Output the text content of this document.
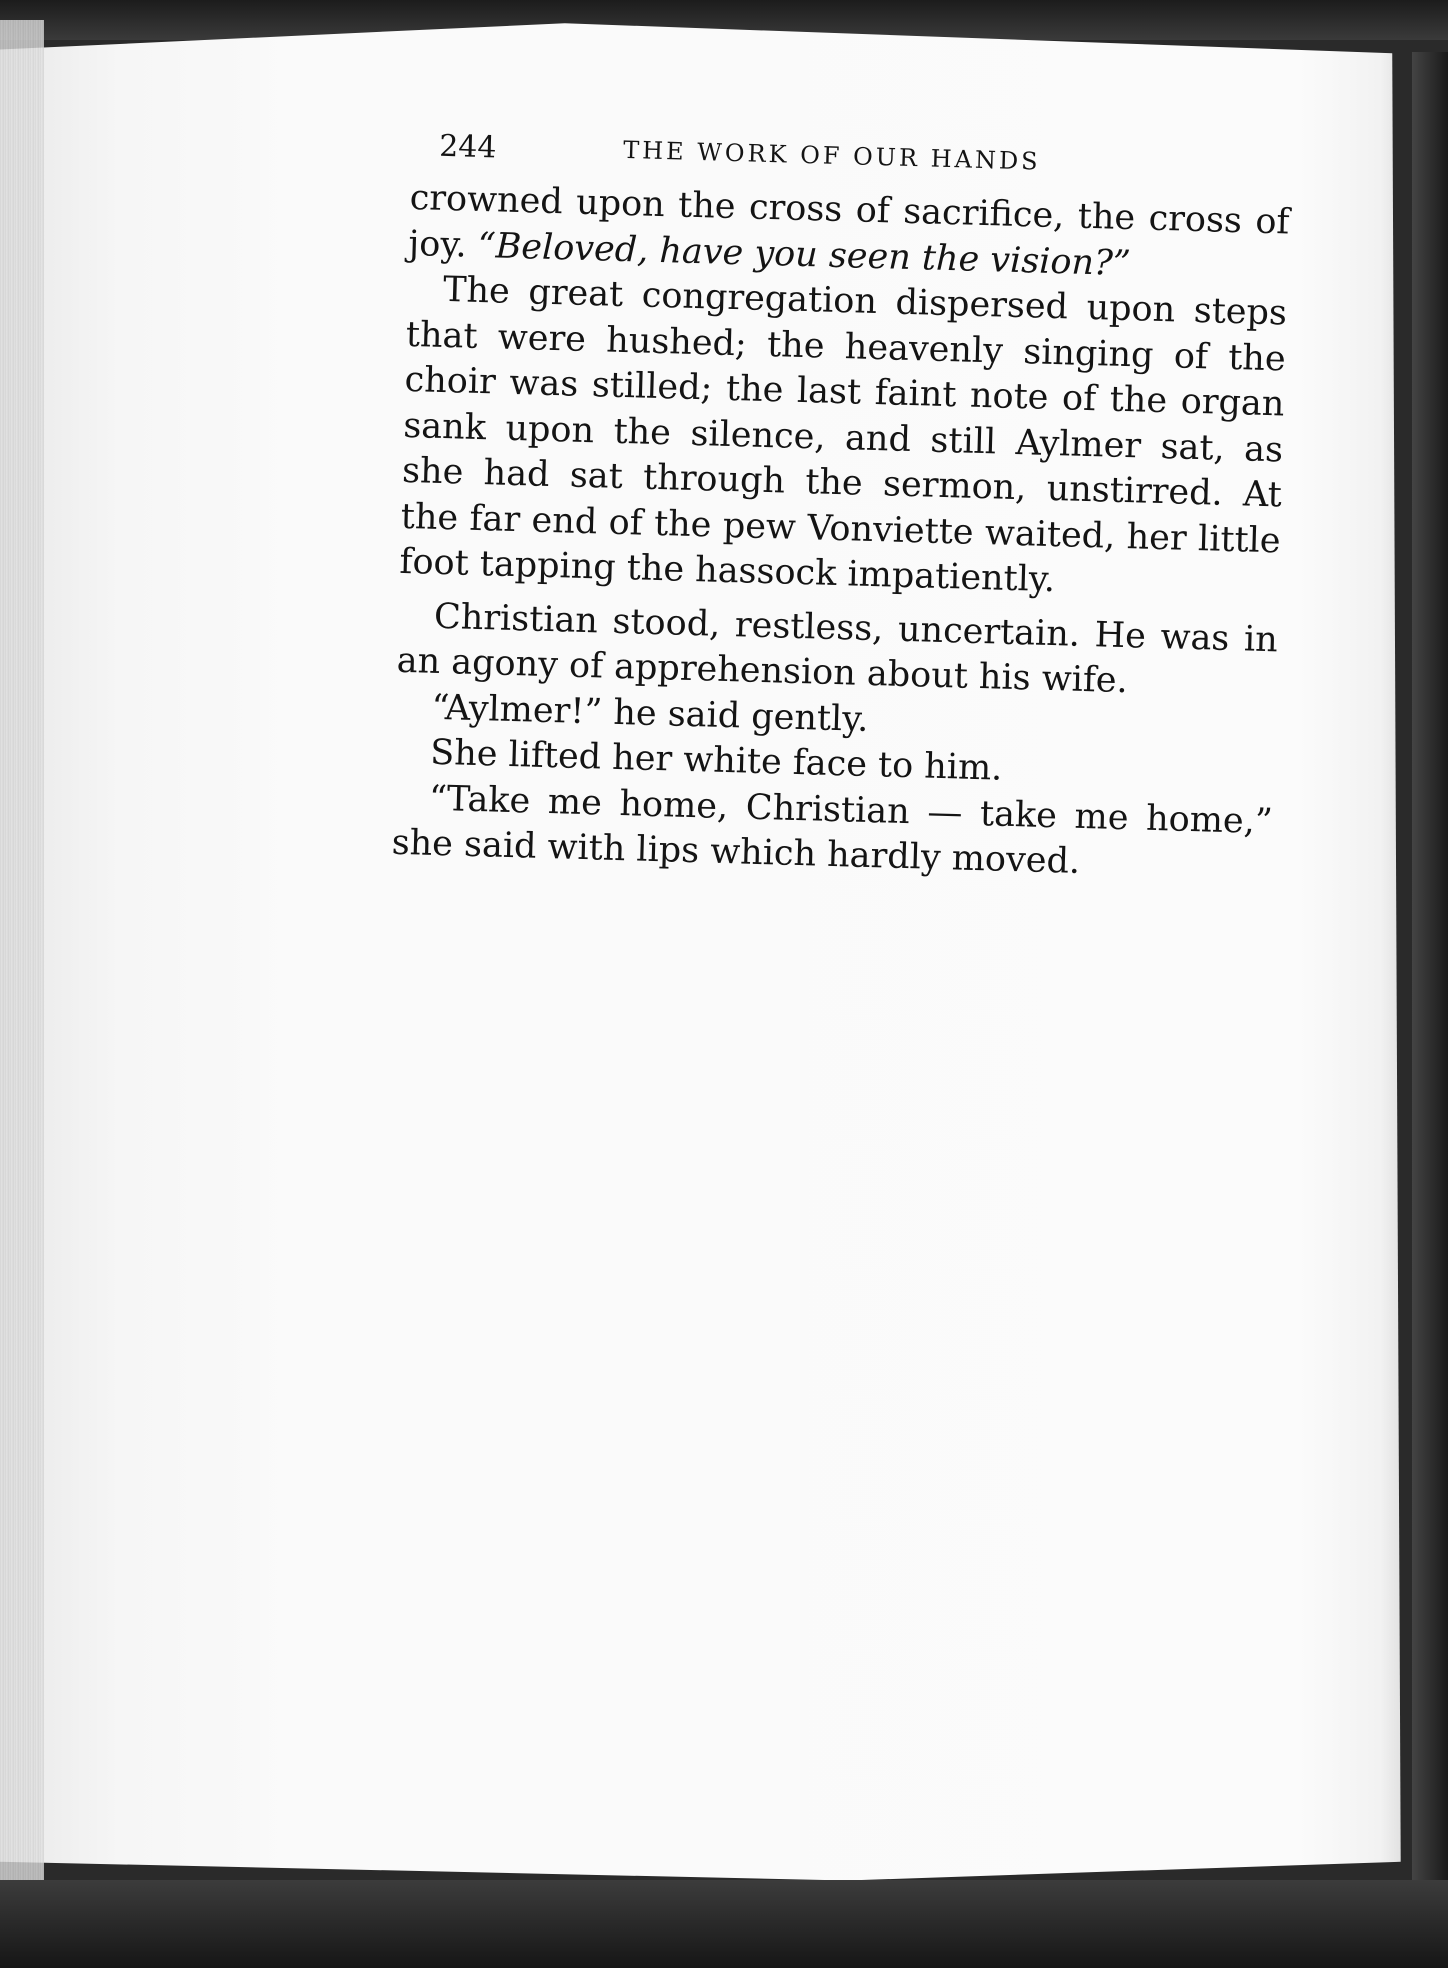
244	THE WORK OF OUR HANDS

crowned upon the cross of sacrifice, the cross of joy. “Beloved, have you seen the vision?”

The great congregation dispersed upon steps that were hushed; the heavenly singing of the choir was stilled; the last faint note of the organ sank upon the silence, and still Aylmer sat, as she had sat through the sermon, unstirred. At the far end of the pew Vonviette waited, her little foot tapping the hassock impatiently.

Christian stood, restless, uncertain. He was in an agony of apprehension about his wife.

“Aylmer!” he said gently.

She lifted her white face to him.

“Take me home, Christian — take me home,” she said with lips which hardly moved.
